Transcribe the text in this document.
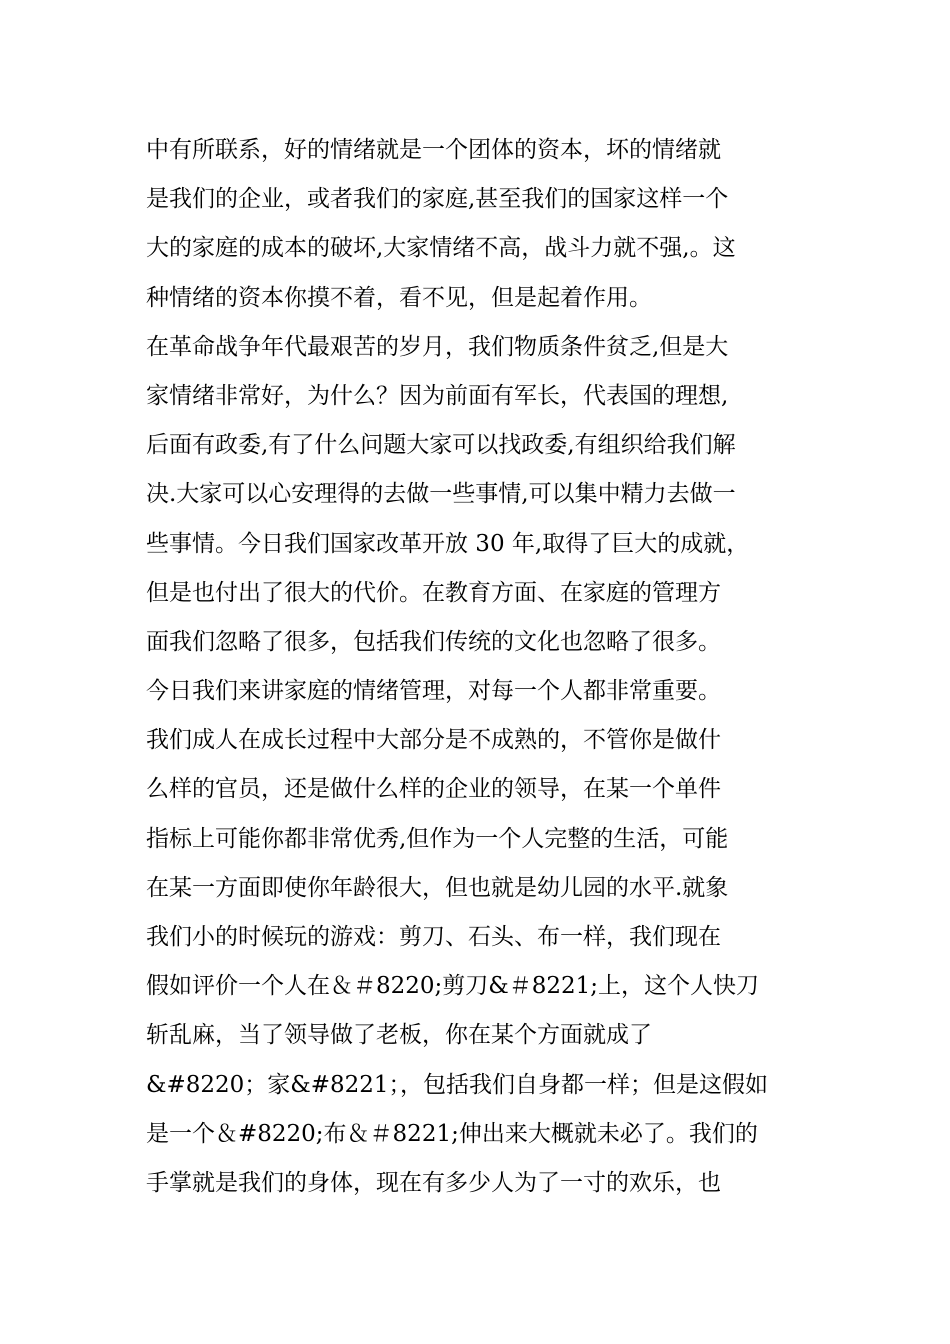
中有所联系，好的情绪就是一个团体的资本，坏的情绪就
是我们的企业，或者我们的家庭,甚至我们的国家这样一个
大的家庭的成本的破坏,大家情绪不高，战斗力就不强,。这
种情绪的资本你摸不着，看不见，但是起着作用。
在革命战争年代最艰苦的岁月，我们物质条件贫乏,但是大
家情绪非常好，为什么？因为前面有军长，代表国的理想,
后面有政委,有了什么问题大家可以找政委,有组织给我们解
决.大家可以心安理得的去做一些事情,可以集中精力去做一
些事情。今日我们国家改革开放 30 年,取得了巨大的成就，
但是也付出了很大的代价。在教育方面、在家庭的管理方
面我们忽略了很多，包括我们传统的文化也忽略了很多。
今日我们来讲家庭的情绪管理，对每一个人都非常重要。
我们成人在成长过程中大部分是不成熟的，不管你是做什
么样的官员，还是做什么样的企业的领导，在某一个单件
指标上可能你都非常优秀,但作为一个人完整的生活，可能
在某一方面即使你年龄很大，但也就是幼儿园的水平.就象
我们小的时候玩的游戏：剪刀、石头、布一样，我们现在
假如评价一个人在＆＃8220;剪刀&＃8221;上，这个人快刀
斩乱麻，当了领导做了老板，你在某个方面就成了
&#8220；家&#8221；，包括我们自身都一样；但是这假如
是一个＆#8220;布＆＃8221;伸出来大概就未必了。我们的
手掌就是我们的身体，现在有多少人为了一寸的欢乐，也
